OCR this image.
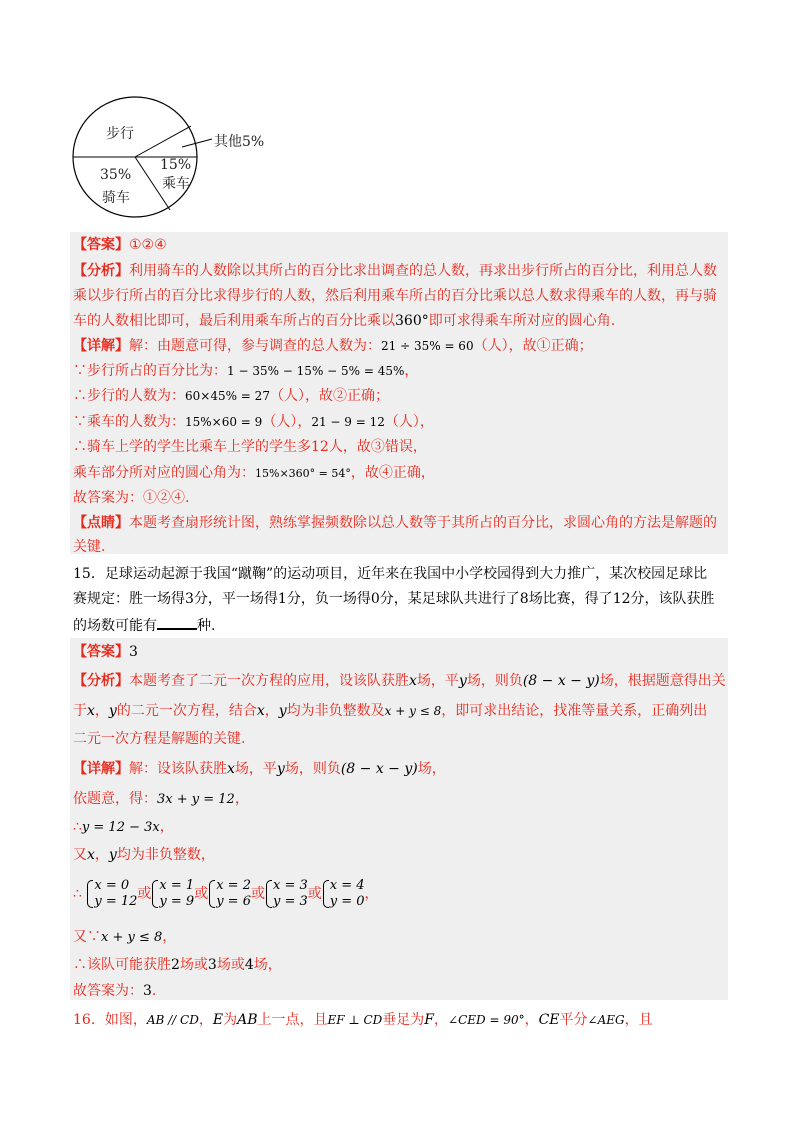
步行	其他5%
15%
乘车
35%
骑车
【答案】①②④
【分析】利用骑车的人数除以其所占的百分比求出调查的总人数，再求出步行所占的百分比，利用总人数
乘以步行所占的百分比求得步行的人数，然后利用乘车所占的百分比乘以总人数求得乘车的人数，再与骑
车的人数相比即可，最后利用乘车所占的百分比乘以360°即可求得乘车所对应的圆心角.
【详解】解：由题意可得，参与调查的总人数为：21 ÷ 35% = 60（人），故①正确；
∵步行所占的百分比为：1 − 35% − 15% − 5% = 45%，
∴步行的人数为：60×45% = 27（人），故②正确；
∵乘车的人数为：15%×60 = 9（人），21 − 9 = 12（人），
∴骑车上学的学生比乘车上学的学生多12人，故③错误，
乘车部分所对应的圆心角为：15%×360° = 54°，故④正确，
故答案为：①②④.
【点睛】本题考查扇形统计图，熟练掌握频数除以总人数等于其所占的百分比，求圆心角的方法是解题的
关键.
15．足球运动起源于我国“蹴鞠”的运动项目，近年来在我国中小学校园得到大力推广，某次校园足球比
赛规定：胜一场得3分，平一场得1分，负一场得0分，某足球队共进行了8场比赛，得了12分，该队获胜
的场数可能有	种.
【答案】3
【分析】本题考查了二元一次方程的应用，设该队获胜x场，平y场，则负(8 − x − y)场，根据题意得出关
于x，y的二元一次方程，结合x，y均为非负整数及x + y ≤ 8，即可求出结论，找准等量关系，正确列出
二元一次方程是解题的关键.
【详解】解：设该队获胜x场，平y场，则负(8 − x − y)场，
依题意，得：3x + y = 12，
∴y = 12 − 3x，
又x，y均为非负整数，
∴ x = 0
y = 12或x = 1
y = 9或x = 2
y = 6或x = 3
y = 3或x = 4
y = 0，
又∵x + y ≤ 8，
∴该队可能获胜2场或3场或4场，
故答案为：3.
16．如图，AB // CD，E为AB上一点，且EF ⊥ CD垂足为F，∠CED = 90°，CE平分∠AEG，且
